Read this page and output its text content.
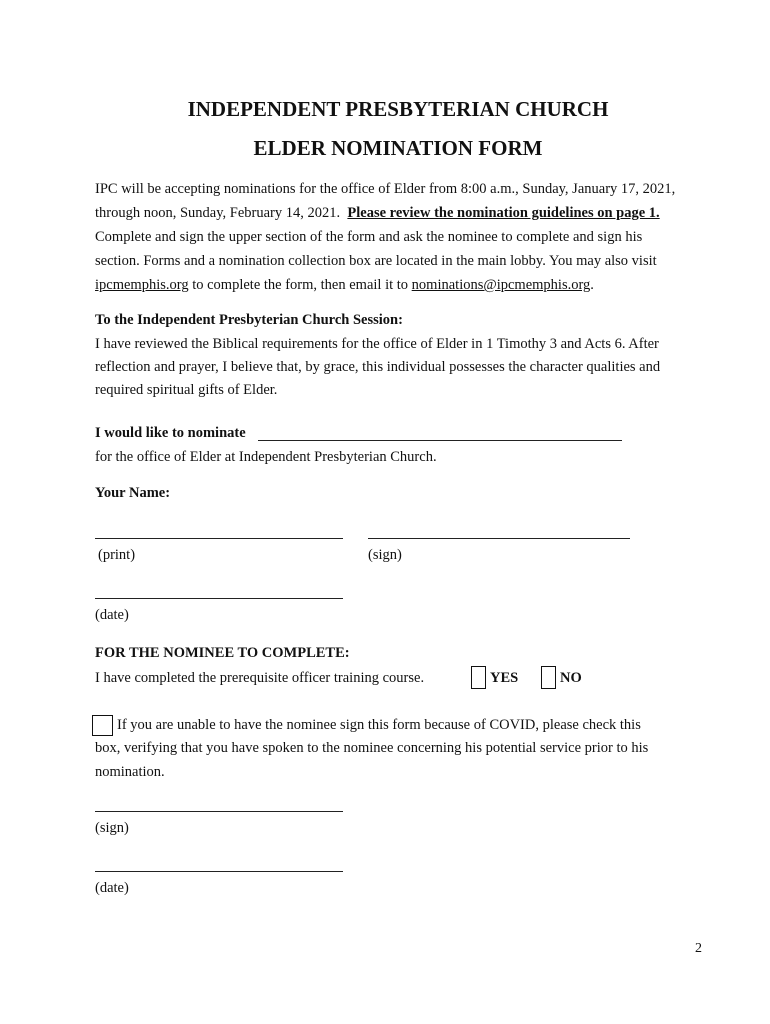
INDEPENDENT PRESBYTERIAN CHURCH
ELDER NOMINATION FORM
IPC will be accepting nominations for the office of Elder from 8:00 a.m., Sunday, January 17, 2021,
through noon, Sunday, February 14, 2021. Please review the nomination guidelines on page 1.
Complete and sign the upper section of the form and ask the nominee to complete and sign his
section. Forms and a nomination collection box are located in the main lobby. You may also visit
ipcmemphis.org to complete the form, then email it to nominations@ipcmemphis.org.
To the Independent Presbyterian Church Session:
I have reviewed the Biblical requirements for the office of Elder in 1 Timothy 3 and Acts 6. After
reflection and prayer, I believe that, by grace, this individual possesses the character qualities and
required spiritual gifts of Elder.
I would like to nominate
for the office of Elder at Independent Presbyterian Church.
Your Name:
(print)	(sign)
(date)
FOR THE NOMINEE TO COMPLETE:
I have completed the prerequisite officer training course.	YES	NO
If you are unable to have the nominee sign this form because of COVID, please check this
box, verifying that you have spoken to the nominee concerning his potential service prior to his
nomination.
(sign)
(date)
2
